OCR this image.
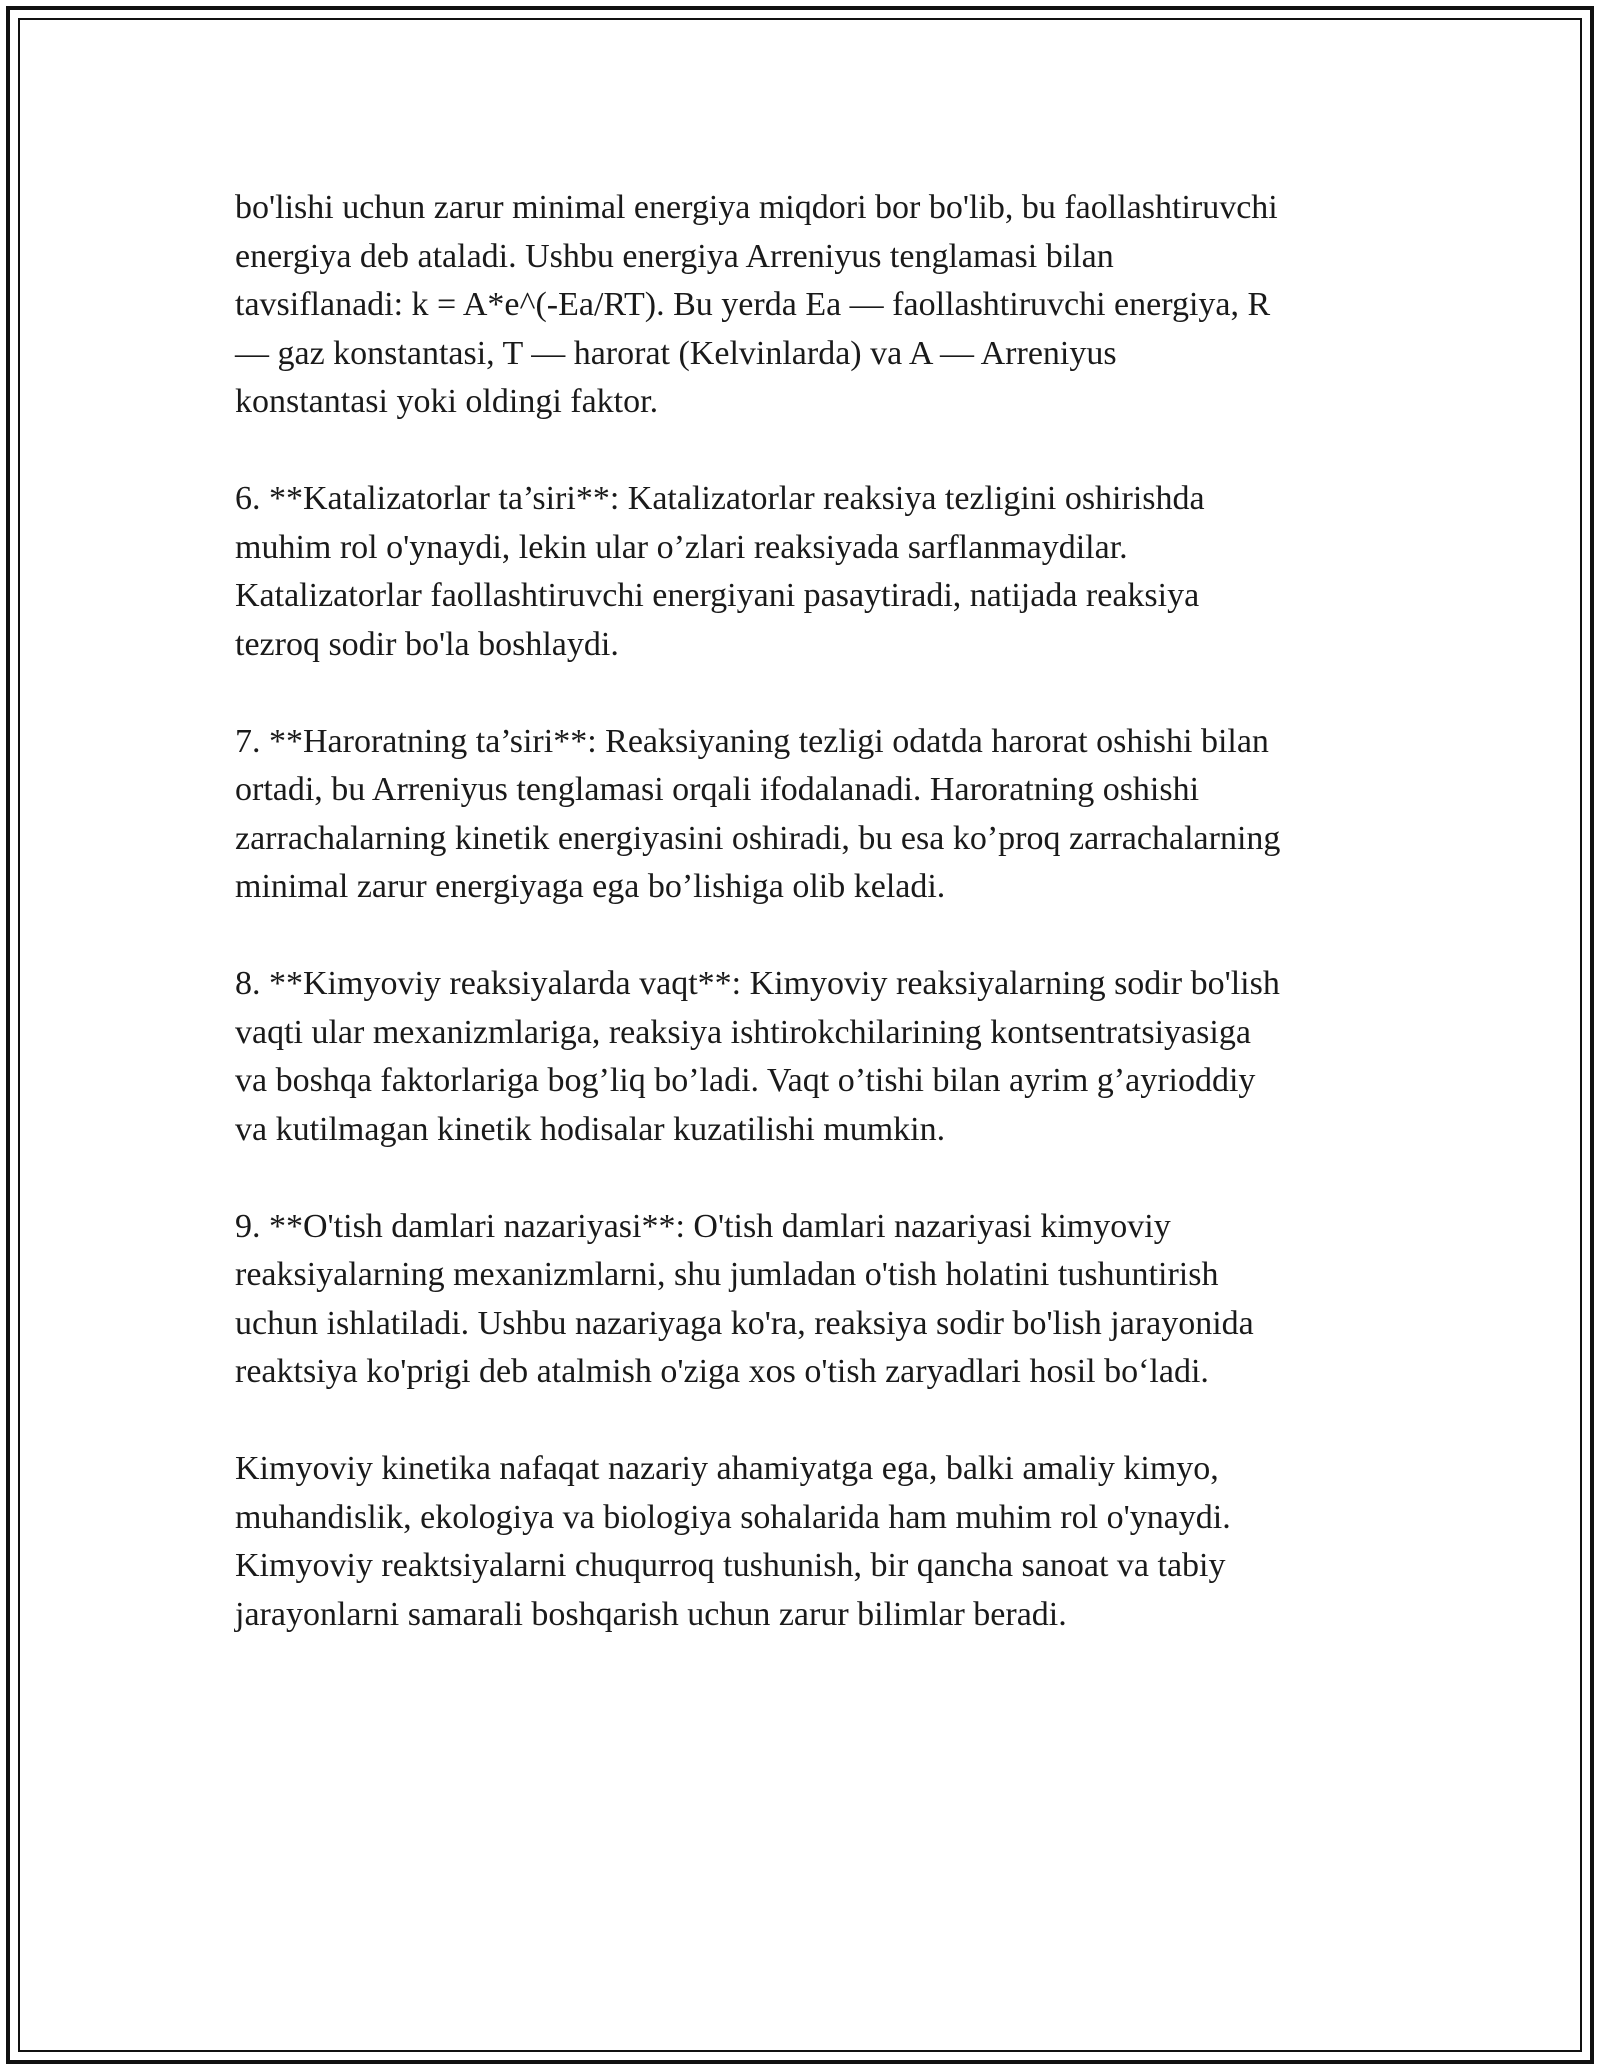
bo'lishi uchun zarur minimal energiya miqdori bor bo'lib, bu faollashtiruvchi
energiya deb ataladi. Ushbu energiya Arreniyus tenglamasi bilan
tavsiflanadi: k = A*e^(-Ea/RT). Bu yerda Ea — faollashtiruvchi energiya, R
— gaz konstantasi, T — harorat (Kelvinlarda) va A — Arreniyus
konstantasi yoki oldingi faktor.

6. **Katalizatorlar ta’siri**: Katalizatorlar reaksiya tezligini oshirishda
muhim rol o'ynaydi, lekin ular o’zlari reaksiyada sarflanmaydilar.
Katalizatorlar faollashtiruvchi energiyani pasaytiradi, natijada reaksiya
tezroq sodir bo'la boshlaydi.

7. **Haroratning ta’siri**: Reaksiyaning tezligi odatda harorat oshishi bilan
ortadi, bu Arreniyus tenglamasi orqali ifodalanadi. Haroratning oshishi
zarrachalarning kinetik energiyasini oshiradi, bu esa ko’proq zarrachalarning
minimal zarur energiyaga ega bo’lishiga olib keladi.

8. **Kimyoviy reaksiyalarda vaqt**: Kimyoviy reaksiyalarning sodir bo'lish
vaqti ular mexanizmlariga, reaksiya ishtirokchilarining kontsentratsiyasiga
va boshqa faktorlariga bog’liq bo’ladi. Vaqt o’tishi bilan ayrim g’ayrioddiy
va kutilmagan kinetik hodisalar kuzatilishi mumkin.

9. **O'tish damlari nazariyasi**: O'tish damlari nazariyasi kimyoviy
reaksiyalarning mexanizmlarni, shu jumladan o'tish holatini tushuntirish
uchun ishlatiladi. Ushbu nazariyaga ko'ra, reaksiya sodir bo'lish jarayonida
reaktsiya ko'prigi deb atalmish o'ziga xos o'tish zaryadlari hosil bo‘ladi.

Kimyoviy kinetika nafaqat nazariy ahamiyatga ega, balki amaliy kimyo,
muhandislik, ekologiya va biologiya sohalarida ham muhim rol o'ynaydi.
Kimyoviy reaktsiyalarni chuqurroq tushunish, bir qancha sanoat va tabiy
jarayonlarni samarali boshqarish uchun zarur bilimlar beradi.
